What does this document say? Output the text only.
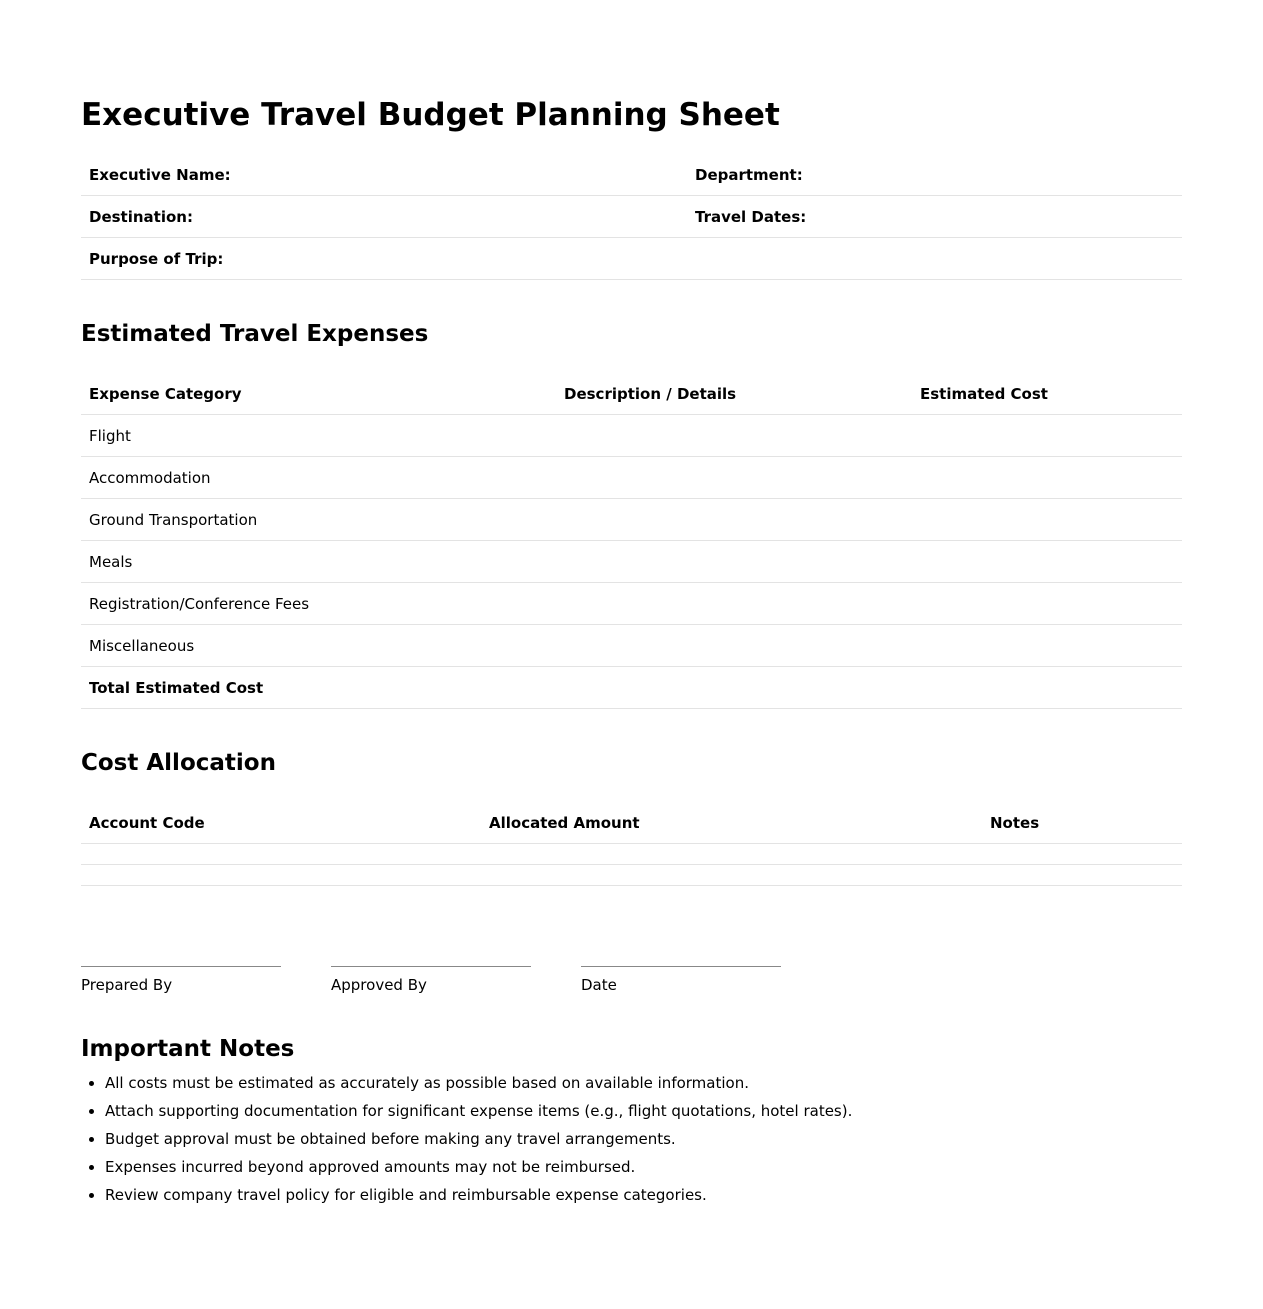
Executive Travel Budget Planning Sheet
Executive Name:	Department:
Destination:	Travel Dates:
Purpose of Trip:	
Estimated Travel Expenses
Expense Category	Description / Details	Estimated Cost
Flight		
Accommodation		
Ground Transportation		
Meals		
Registration/Conference Fees		
Miscellaneous		
Total Estimated Cost		
Cost Allocation
Account Code	Allocated Amount	Notes

Prepared By	Approved By	Date
Important Notes
• All costs must be estimated as accurately as possible based on available information.
• Attach supporting documentation for significant expense items (e.g., flight quotations, hotel rates).
• Budget approval must be obtained before making any travel arrangements.
• Expenses incurred beyond approved amounts may not be reimbursed.
• Review company travel policy for eligible and reimbursable expense categories.
